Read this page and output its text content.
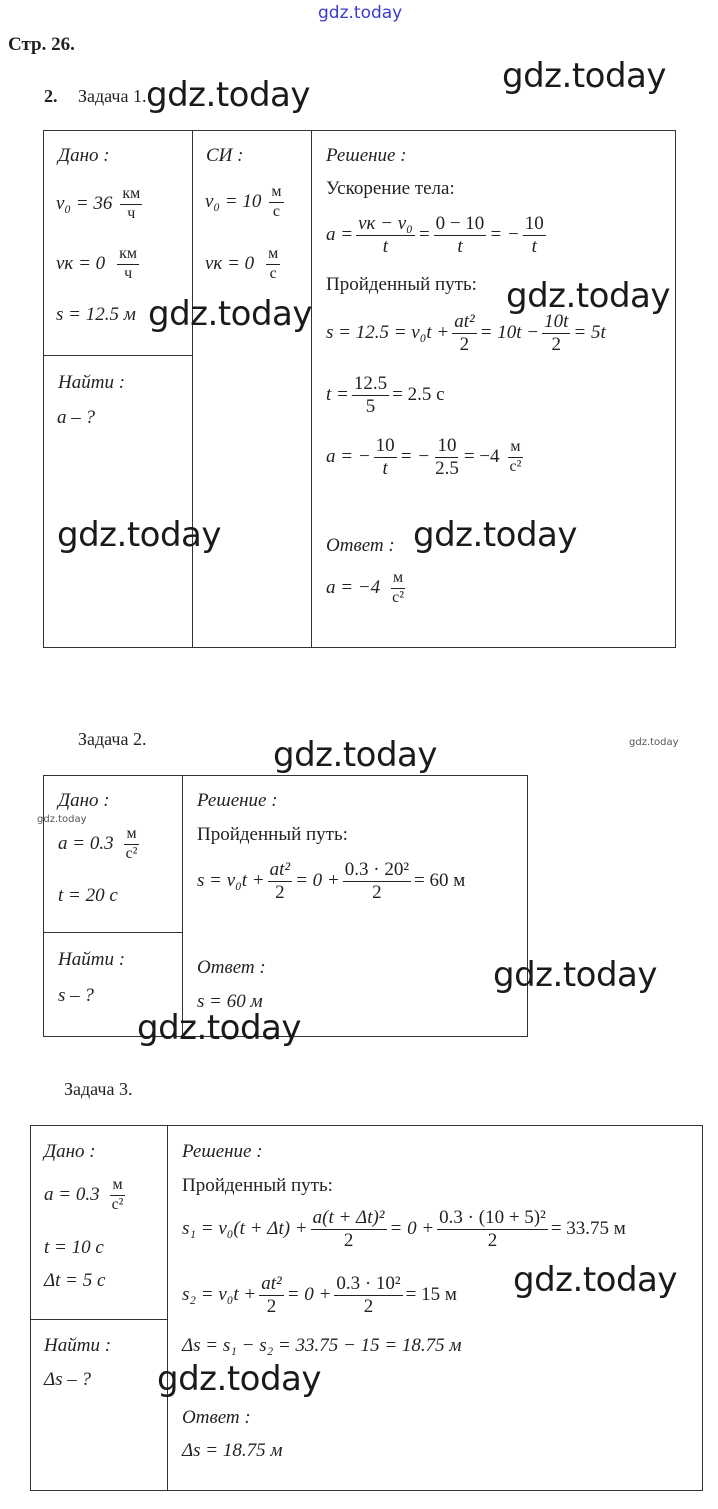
gdz.today
Стр. 26.
2. Задача 1.
Дано :
$v_0 = 36 \frac{км}{ч}$
vк = $0 \frac{км}{ч}$
s = 12.5 м
СИ :
$v_0 = 10 \frac{м}{с}$
vк = $0 \frac{м}{с}$
Найти :
a – ?
Решение :
Ускорение тела:
$a = \frac{\text{vк − v₀}}{t} = \frac{0 - 10}{t}$ = − $\frac{10}{t}$
Пройденный путь:
$s = 12.5 = v_0t + \frac{\text{at²}}{2} = 10t - \frac{10t}{2} = 5t$
$t = \frac{12.5}{5} = 2.5$ с
a = − $\frac{10}{t}$ = − $\frac{10}{2.5} = -4 \frac{м}{\text{с²}}$
Ответ :
$a = -4 \frac{м}{\text{с²}}$
gdz.today	gdz.today
gdz.today
gdz.today
gdz.today	gdz.today
Задача 2.	gdz.today	gdz.today
Дано :
gdz.today
$a = 0.3 \frac{м}{\text{с²}}$
t = 20 с
Найти :
s – ?
Решение :
Пройденный путь:
$s = v_0t + \frac{\text{at²}}{2} = 0 + \frac{\text{0.3 · 20²}}{2} = 60$ м
Ответ :
s = 60 м
gdz.today
gdz.today
Задача 3.
Дано :
$a = 0.3 \frac{м}{\text{с²}}$
t = 10 с
Δt = 5 с
Найти :
Δs – ?
Решение :
Пройденный путь:
$s_1 = v_0(t + \Delta t) + \frac{\text{a(t + Δt)²}}{2} = 0 + \frac{\text{0.3 · (10 + 5)²}}{2} = 33.75$ м
$s_2 = v_0t + \frac{\text{at²}}{2} = 0 + \frac{\text{0.3 · 10²}}{2} = 15$ м
Δs = s₁ − s₂ = 33.75 − 15 = 18.75 м
Ответ :
Δs = 18.75 м
gdz.today
gdz.today
